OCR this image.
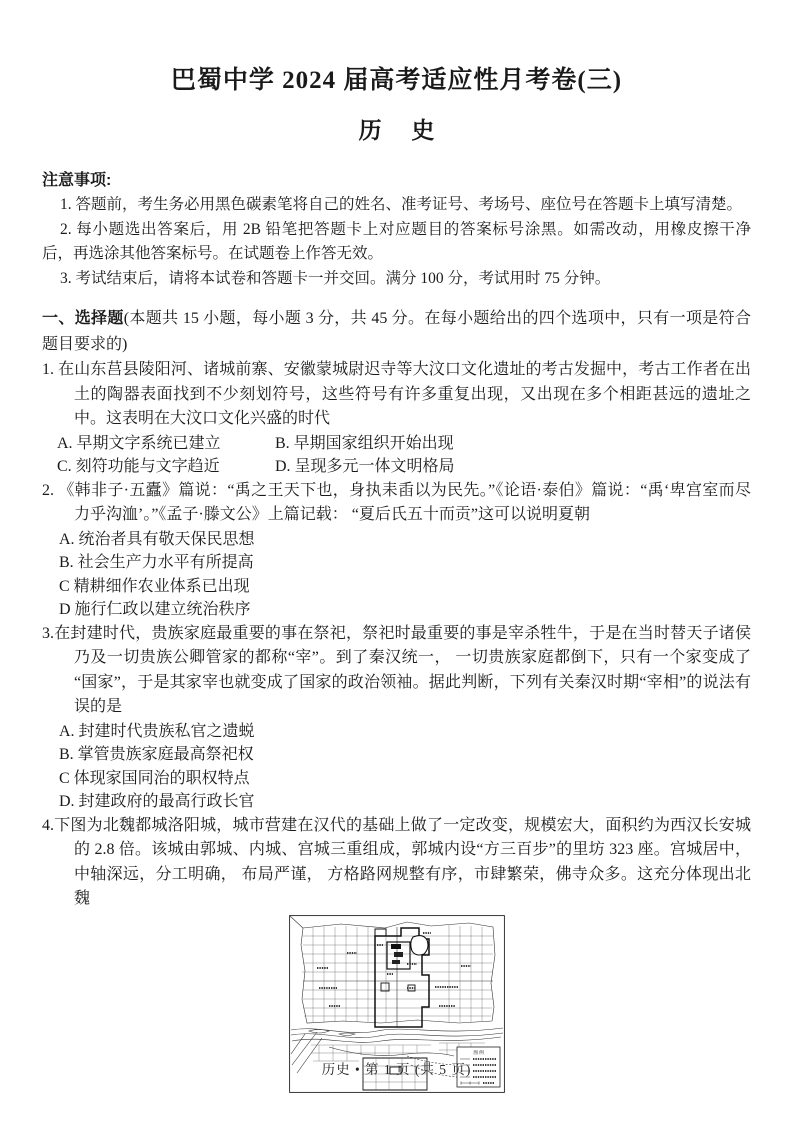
巴蜀中学 2024 届高考适应性月考卷(三)
历 史

注意事项:

1. 答题前，考生务必用黑色碳素笔将自己的姓名、准考证号、考场号、座位号在答题卡上填写清楚。

2. 每小题选出答案后，用 2B 铅笔把答题卡上对应题目的答案标号涂黑。如需改动，用橡皮擦干净后，再选涂其他答案标号。在试题卷上作答无效。

3. 考试结束后，请将本试卷和答题卡一并交回。满分 100 分，考试用时 75 分钟。

一、选择题(本题共 15 小题，每小题 3 分，共 45 分。在每小题给出的四个选项中，只有一项是符合题目要求的)

1. 在山东莒县陵阳河、诸城前寨、安徽蒙城尉迟寺等大汶口文化遗址的考古发掘中，考古工作者在出土的陶器表面找到不少刻划符号，这些符号有许多重复出现，又出现在多个相距甚远的遗址之中。这表明在大汶口文化兴盛的时代

A. 早期文字系统已建立	B. 早期国家组织开始出现
C. 刻符功能与文字趋近	D. 呈现多元一体文明格局

2. 《韩非子·五蠹》篇说：“禹之王天下也，身执耒臿以为民先。”《论语·泰伯》篇说：“禹‘卑宫室而尽力乎沟洫’。”《孟子·滕文公》上篇记载： “夏后氏五十而贡”这可以说明夏朝

A. 统治者具有敬天保民思想
B. 社会生产力水平有所提高
C 精耕细作农业体系已出现
D 施行仁政以建立统治秩序

3.在封建时代，贵族家庭最重要的事在祭祀，祭祀时最重要的事是宰杀牲牛，于是在当时替天子诸侯乃及一切贵族公卿管家的都称“宰”。到了秦汉统一， 一切贵族家庭都倒下，只有一个家变成了“国家”，于是其家宰也就变成了国家的政治领袖。据此判断，下列有关秦汉时期“宰相”的说法有误的是

A. 封建时代贵族私官之遗蜕
B. 掌管贵族家庭最高祭祀权
C 体现家国同治的职权特点
D. 封建政府的最高行政长官

4.下图为北魏都城洛阳城，城市营建在汉代的基础上做了一定改变，规模宏大，面积约为西汉长安城的 2.8 倍。该城由郭城、内城、宫城三重组成，郭城内设“方三百步”的里坊 323 座。宫城居中， 中轴深远，分工明确， 布局严谨， 方格路网规整有序，市肆繁荣，佛寺众多。这充分体现出北魏

图 例
历史 • 第 1 页 (共 5 页)
